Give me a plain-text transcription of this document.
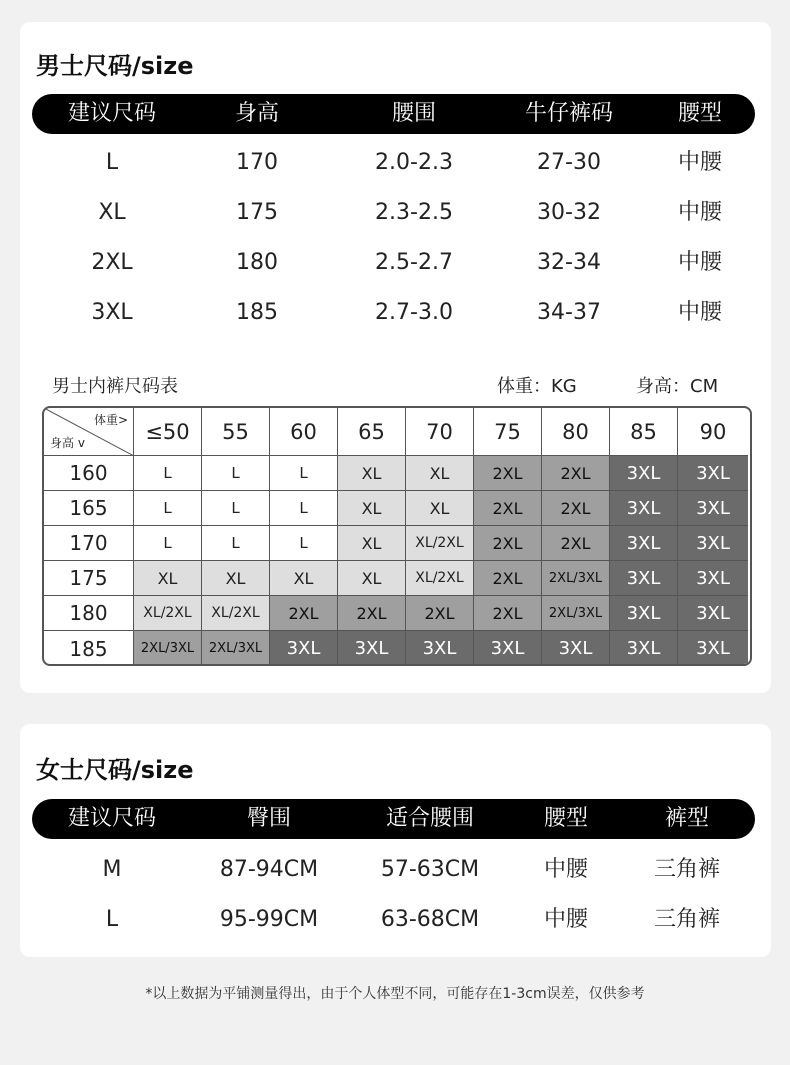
男士尺码/size
建议尺码	身高	腰围	牛仔裤码	腰型
L	170	2.0-2.3	27-30	中腰
XL	175	2.3-2.5	30-32	中腰
2XL	180	2.5-2.7	32-34	中腰
3XL	185	2.7-3.0	34-37	中腰
男士内裤尺码表	体重：KG	身高：CM
体重>
身高 v	≤50	55	60	65	70	75	80	85	90
160	L	L	L	XL	XL	2XL	2XL	3XL	3XL
165	L	L	L	XL	XL	2XL	2XL	3XL	3XL
170	L	L	L	XL	XL/2XL	2XL	2XL	3XL	3XL
175	XL	XL	XL	XL	XL/2XL	2XL	2XL/3XL	3XL	3XL
180	XL/2XL	XL/2XL	2XL	2XL	2XL	2XL	2XL/3XL	3XL	3XL
185	2XL/3XL	2XL/3XL	3XL	3XL	3XL	3XL	3XL	3XL	3XL
女士尺码/size
建议尺码	臀围	适合腰围	腰型	裤型
M	87-94CM	57-63CM	中腰	三角裤
L	95-99CM	63-68CM	中腰	三角裤
*以上数据为平铺测量得出，由于个人体型不同，可能存在1-3cm误差，仅供参考
